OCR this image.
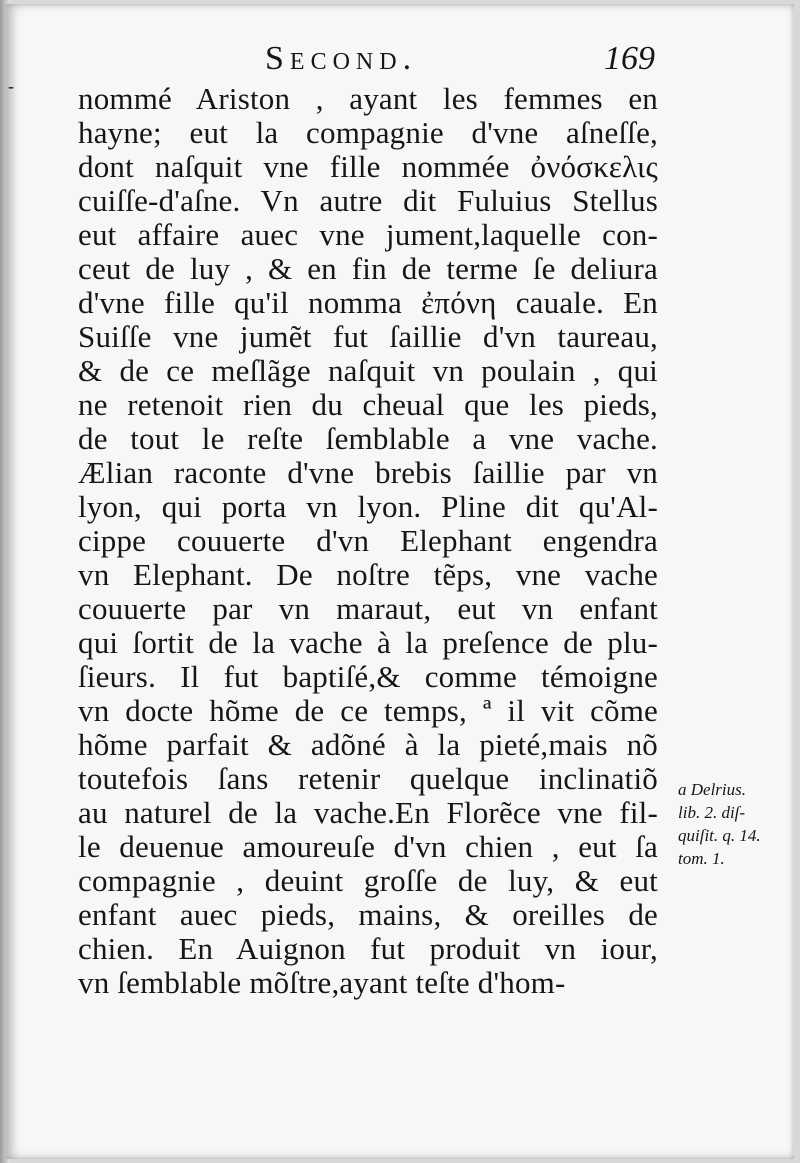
-
Second.	169
nommé Ariston , ayant les femmes en
hayne; eut la compagnie d'vne aſneſſe,
dont naſquit vne fille nommée ὀνόσκελις
cuiſſe-d'aſne. Vn autre dit Fuluius Stellus
eut affaire auec vne jument,laquelle con-
ceut de luy , & en fin de terme ſe deliura
d'vne fille qu'il nomma ἐπόνη cauale. En
Suiſſe vne jumẽt fut ſaillie d'vn taureau,
& de ce meſlãge naſquit vn poulain , qui
ne retenoit rien du cheual que les pieds,
de tout le reſte ſemblable a vne vache.
Ælian raconte d'vne brebis ſaillie par vn
lyon, qui porta vn lyon. Pline dit qu'Al-
cippe couuerte d'vn Elephant engendra
vn Elephant. De noſtre tẽps, vne vache
couuerte par vn maraut, eut vn enfant
qui ſortit de la vache à la preſence de plu-
ſieurs. Il fut baptiſé,& comme témoigne
vn docte hõme de ce temps, ª il vit cõme
hõme parfait & adõné à la pieté,mais nõ
toutefois ſans retenir quelque inclinatiõ
au naturel de la vache.En Florẽce vne fil-
le deuenue amoureuſe d'vn chien , eut ſa
compagnie , deuint groſſe de luy, & eut
enfant auec pieds, mains, & oreilles de
chien. En Auignon fut produit vn iour,
vn ſemblable mõſtre,ayant teſte d'hom-
a Delrius.
lib. 2. diſ-
quiſit. q. 14.
tom. 1.
